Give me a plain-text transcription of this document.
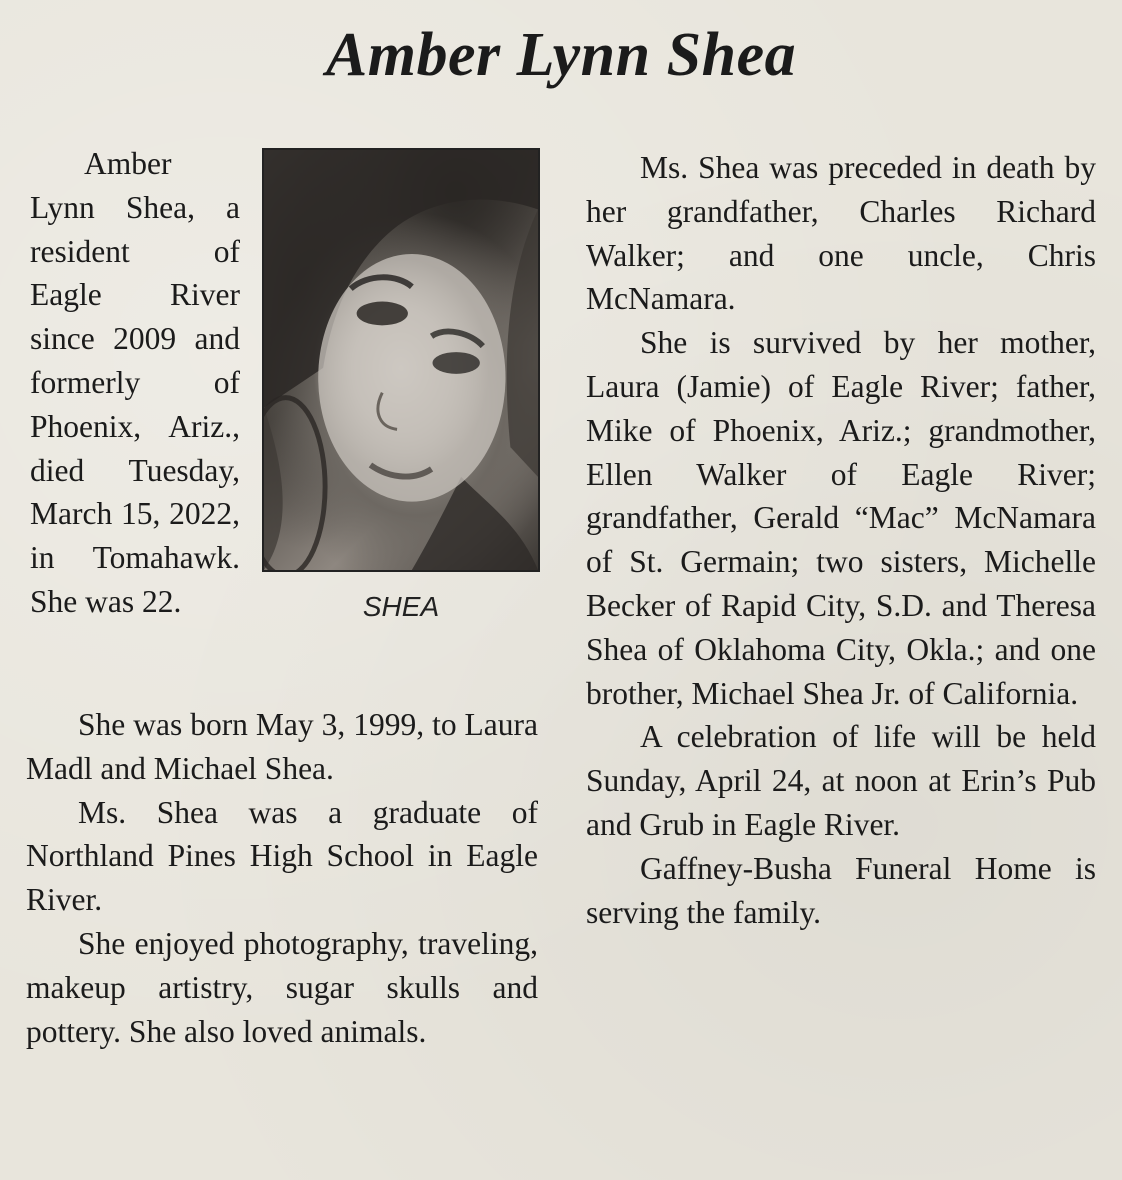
Amber Lynn Shea

Amber Lynn Shea, a resident of Eagle River since 2009 and formerly of Phoenix, Ariz., died Tuesday, March 15, 2022, in Tomahawk. She was 22.	SHEA

She was born May 3, 1999, to Laura Madl and Michael Shea.

Ms. Shea was a graduate of Northland Pines High School in Eagle River.

She enjoyed photography, traveling, makeup artistry, sugar skulls and pottery. She also loved animals.

Ms. Shea was preceded in death by her grandfather, Charles Richard Walker; and one uncle, Chris McNamara.

She is survived by her mother, Laura (Jamie) of Eagle River; father, Mike of Phoenix, Ariz.; grandmother, Ellen Walker of Eagle River; grandfather, Gerald “Mac” McNamara of St. Germain; two sisters, Michelle Becker of Rapid City, S.D. and Theresa Shea of Oklahoma City, Okla.; and one brother, Michael Shea Jr. of California.

A celebration of life will be held Sunday, April 24, at noon at Erin’s Pub and Grub in Eagle River.

Gaffney-Busha Funeral Home is serving the family.
